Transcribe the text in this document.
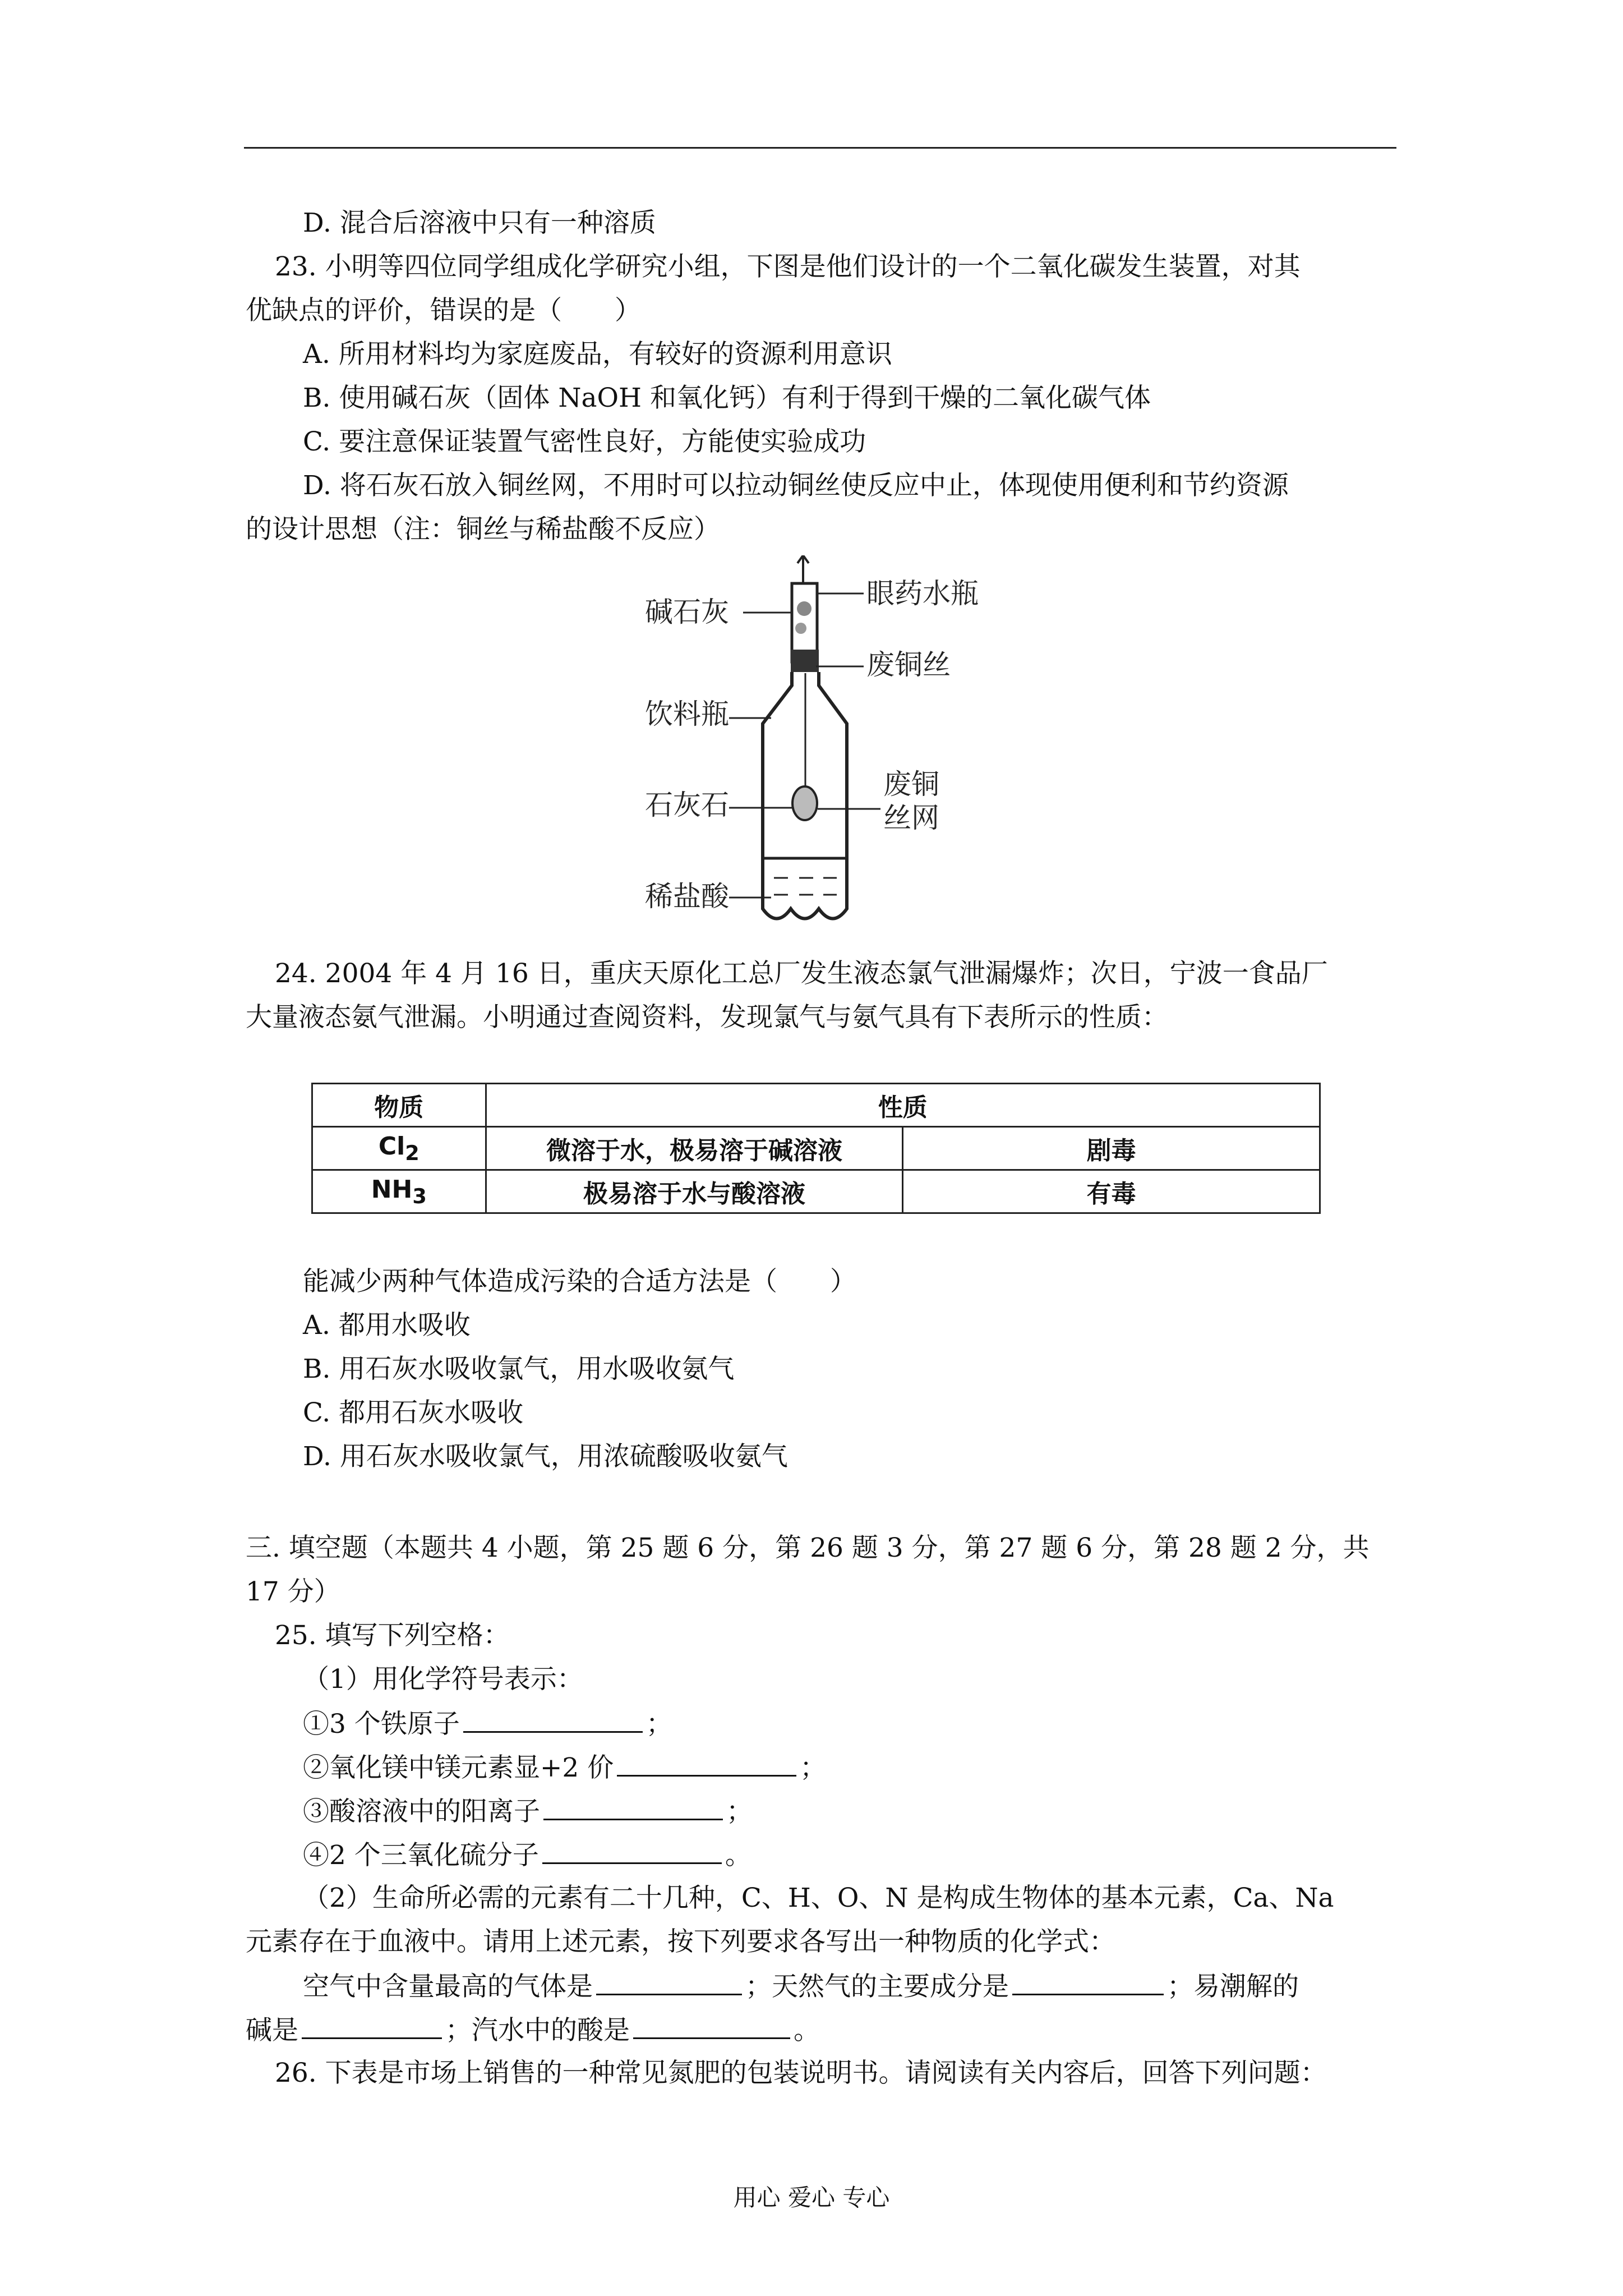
D. 混合后溶液中只有一种溶质
23. 小明等四位同学组成化学研究小组，下图是他们设计的一个二氧化碳发生装置，对其
优缺点的评价，错误的是（　　）
A. 所用材料均为家庭废品，有较好的资源利用意识
B. 使用碱石灰（固体 NaOH 和氧化钙）有利于得到干燥的二氧化碳气体
C. 要注意保证装置气密性良好，方能使实验成功
D. 将石灰石放入铜丝网，不用时可以拉动铜丝使反应中止，体现使用便利和节约资源
的设计思想（注：铜丝与稀盐酸不反应）
碱石灰
眼药水瓶
废铜丝
饮料瓶
石灰石
废铜
丝网
稀盐酸
24. 2004 年 4 月 16 日，重庆天原化工总厂发生液态氯气泄漏爆炸；次日，宁波一食品厂
大量液态氨气泄漏。小明通过查阅资料，发现氯气与氨气具有下表所示的性质：
物质	性质	
$Cl_2$	微溶于水，极易溶于碱溶液	剧毒
$NH_3$	极易溶于水与酸溶液	有毒
能减少两种气体造成污染的合适方法是（　　）
A. 都用水吸收
B. 用石灰水吸收氯气，用水吸收氨气
C. 都用石灰水吸收
D. 用石灰水吸收氯气，用浓硫酸吸收氨气
三. 填空题（本题共 4 小题，第 25 题 6 分，第 26 题 3 分，第 27 题 6 分，第 28 题 2 分，共
17 分）
25. 填写下列空格：
（1）用化学符号表示：
①3 个铁原子	；
②氧化镁中镁元素显+2 价	；
③酸溶液中的阳离子	；
④2 个三氧化硫分子	。
（2）生命所必需的元素有二十几种，C、H、O、N 是构成生物体的基本元素，Ca、Na
元素存在于血液中。请用上述元素，按下列要求各写出一种物质的化学式：
空气中含量最高的气体是	；天然气的主要成分是	；易潮解的
碱是	；汽水中的酸是	。
26. 下表是市场上销售的一种常见氮肥的包装说明书。请阅读有关内容后，回答下列问题：
用心 爱心 专心
